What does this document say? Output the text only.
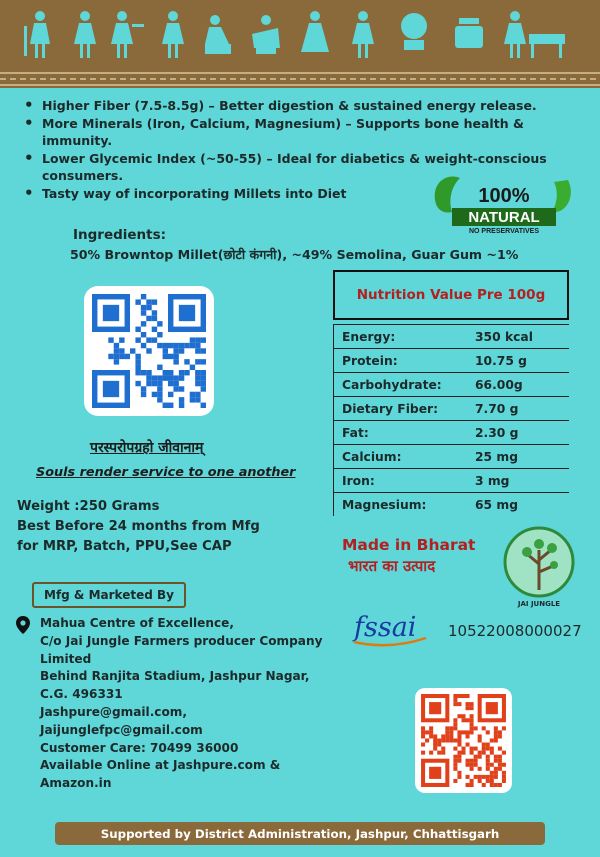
• Higher Fiber (7.5-8.5g) – Better digestion & sustained energy release.
• More Minerals (Iron, Calcium, Magnesium) – Supports bone health &
immunity.
• Lower Glycemic Index (~50-55) – Ideal for diabetics & weight-conscious
consumers.
• Tasty way of incorporating Millets into Diet	100%
NATURAL
NO PRESERVATIVES
Ingredients:
50% Browntop Millet(छोटी कंगनी), ~49% Semolina, Guar Gum ~1%
परस्परोपग्रहो जीवानाम्
Souls render service to one another
Weight :250 Grams
Best Before 24 months from Mfg
for MRP, Batch, PPU,See CAP
Nutrition Value Pre 100g
Energy:	350 kcal
Protein:	10.75 g
Carbohydrate:	66.00g
Dietary Fiber:	7.70 g
Fat:	2.30 g
Calcium:	25 mg
Iron:	3 mg
Magnesium:	65 mg
Made in Bharat
भारत का उत्पाद
JAI JUNGLE
Mfg & Marketed By
Mahua Centre of Excellence,
C/o Jai Jungle Farmers producer Company
Limited
Behind Ranjita Stadium, Jashpur Nagar,
C.G. 496331
Jashpure@gmail.com,
Jaijunglefpc@gmail.com
Customer Care: 70499 36000
Available Online at Jashpure.com &
Amazon.in
fssai 10522008000027
Supported by District Administration, Jashpur, Chhattisgarh
